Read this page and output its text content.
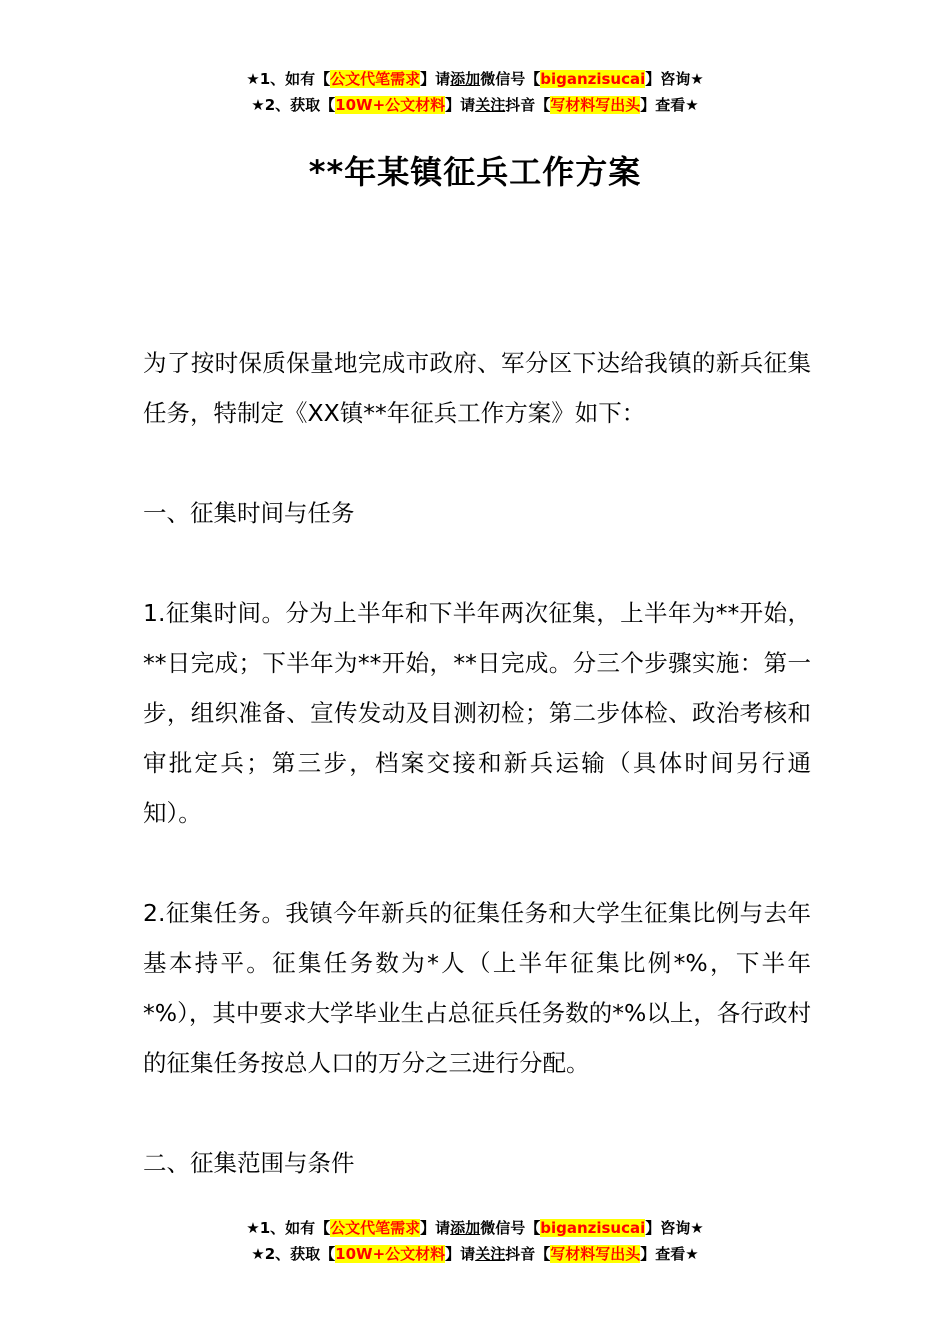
★1、如有【公文代笔需求】请添加微信号【biganzisucai】咨询★
★2、获取【10W+公文材料】请关注抖音【写材料写出头】查看★
**年某镇征兵工作方案

为了按时保质保量地完成市政府、军分区下达给我镇的新兵征集任务，特制定《XX镇**年征兵工作方案》如下：

一、征集时间与任务

1.征集时间。分为上半年和下半年两次征集，上半年为**开始，**日完成；下半年为**开始，**日完成。分三个步骤实施：第一步，组织准备、宣传发动及目测初检；第二步体检、政治考核和审批定兵；第三步，档案交接和新兵运输（具体时间另行通知）。

2.征集任务。我镇今年新兵的征集任务和大学生征集比例与去年基本持平。征集任务数为*人（上半年征集比例*%，下半年*%），其中要求大学毕业生占总征兵任务数的*%以上，各行政村的征集任务按总人口的万分之三进行分配。

二、征集范围与条件

★1、如有【公文代笔需求】请添加微信号【biganzisucai】咨询★
★2、获取【10W+公文材料】请关注抖音【写材料写出头】查看★
